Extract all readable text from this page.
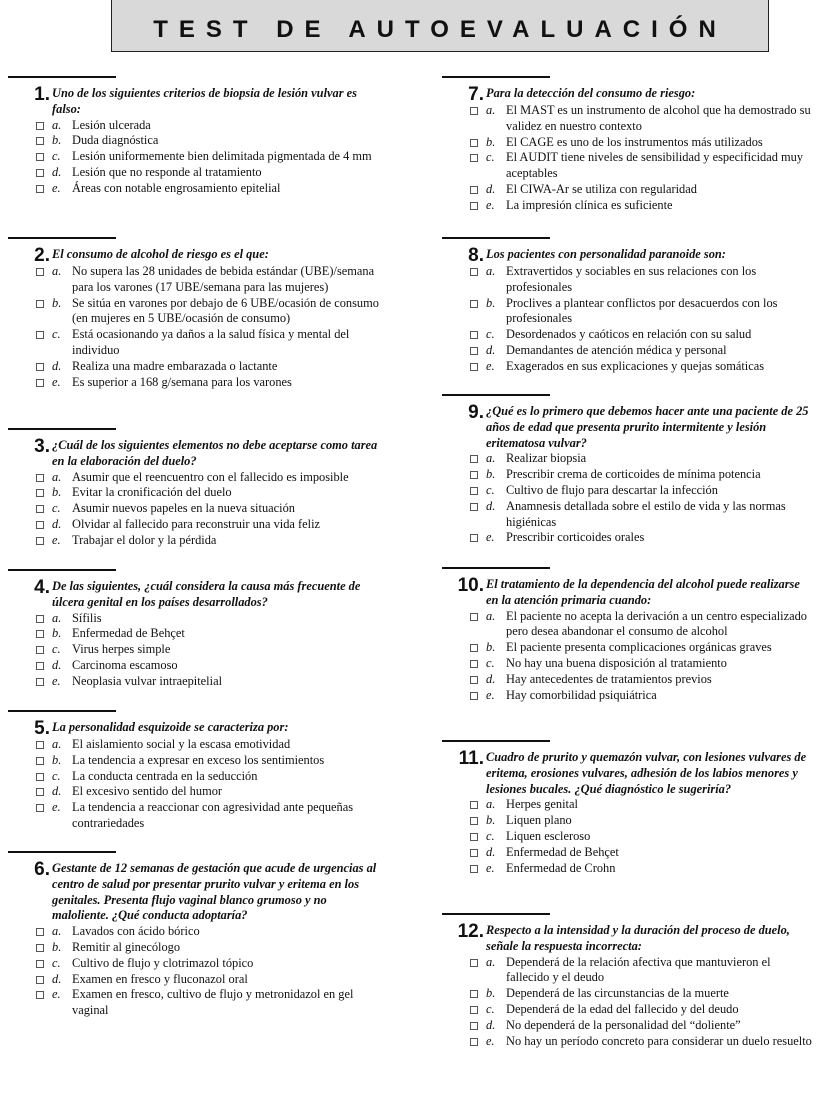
TEST DE AUTOEVALUACIÓN
1. Uno de los siguientes criterios de biopsia de lesión vulvar es falso:
a. Lesión ulcerada
b. Duda diagnóstica
c. Lesión uniformemente bien delimitada pigmentada de 4 mm
d. Lesión que no responde al tratamiento
e. Áreas con notable engrosamiento epitelial
2. El consumo de alcohol de riesgo es el que:
a. No supera las 28 unidades de bebida estándar (UBE)/semana para los varones (17 UBE/semana para las mujeres)
b. Se sitúa en varones por debajo de 6 UBE/ocasión de consumo (en mujeres en 5 UBE/ocasión de consumo)
c. Está ocasionando ya daños a la salud física y mental del individuo
d. Realiza una madre embarazada o lactante
e. Es superior a 168 g/semana para los varones
3. ¿Cuál de los siguientes elementos no debe aceptarse como tarea en la elaboración del duelo?
a. Asumir que el reencuentro con el fallecido es imposible
b. Evitar la cronificación del duelo
c. Asumir nuevos papeles en la nueva situación
d. Olvidar al fallecido para reconstruir una vida feliz
e. Trabajar el dolor y la pérdida
4. De las siguientes, ¿cuál considera la causa más frecuente de úlcera genital en los países desarrollados?
a. Sífilis
b. Enfermedad de Behçet
c. Virus herpes simple
d. Carcinoma escamoso
e. Neoplasia vulvar intraepitelial
5. La personalidad esquizoide se caracteriza por:
a. El aislamiento social y la escasa emotividad
b. La tendencia a expresar en exceso los sentimientos
c. La conducta centrada en la seducción
d. El excesivo sentido del humor
e. La tendencia a reaccionar con agresividad ante pequeñas contrariedades
6. Gestante de 12 semanas de gestación que acude de urgencias al centro de salud por presentar prurito vulvar y eritema en los genitales. Presenta flujo vaginal blanco grumoso y no maloliente. ¿Qué conducta adoptaría?
a. Lavados con ácido bórico
b. Remitir al ginecólogo
c. Cultivo de flujo y clotrimazol tópico
d. Examen en fresco y fluconazol oral
e. Examen en fresco, cultivo de flujo y metronidazol en gel vaginal
7. Para la detección del consumo de riesgo:
a. El MAST es un instrumento de alcohol que ha demostrado su validez en nuestro contexto
b. El CAGE es uno de los instrumentos más utilizados
c. El AUDIT tiene niveles de sensibilidad y especificidad muy aceptables
d. El CIWA-Ar se utiliza con regularidad
e. La impresión clínica es suficiente
8. Los pacientes con personalidad paranoide son:
a. Extravertidos y sociables en sus relaciones con los profesionales
b. Proclives a plantear conflictos por desacuerdos con los profesionales
c. Desordenados y caóticos en relación con su salud
d. Demandantes de atención médica y personal
e. Exagerados en sus explicaciones y quejas somáticas
9. ¿Qué es lo primero que debemos hacer ante una paciente de 25 años de edad que presenta prurito intermitente y lesión eritematosa vulvar?
a. Realizar biopsia
b. Prescribir crema de corticoides de mínima potencia
c. Cultivo de flujo para descartar la infección
d. Anamnesis detallada sobre el estilo de vida y las normas higiénicas
e. Prescribir corticoides orales
10. El tratamiento de la dependencia del alcohol puede realizarse en la atención primaria cuando:
a. El paciente no acepta la derivación a un centro especializado pero desea abandonar el consumo de alcohol
b. El paciente presenta complicaciones orgánicas graves
c. No hay una buena disposición al tratamiento
d. Hay antecedentes de tratamientos previos
e. Hay comorbilidad psiquiátrica
11. Cuadro de prurito y quemazón vulvar, con lesiones vulvares de eritema, erosiones vulvares, adhesión de los labios menores y lesiones bucales. ¿Qué diagnóstico le sugeriría?
a. Herpes genital
b. Liquen plano
c. Liquen escleroso
d. Enfermedad de Behçet
e. Enfermedad de Crohn
12. Respecto a la intensidad y la duración del proceso de duelo, señale la respuesta incorrecta:
a. Dependerá de la relación afectiva que mantuvieron el fallecido y el deudo
b. Dependerá de las circunstancias de la muerte
c. Dependerá de la edad del fallecido y del deudo
d. No dependerá de la personalidad del “doliente”
e. No hay un período concreto para considerar un duelo resuelto
